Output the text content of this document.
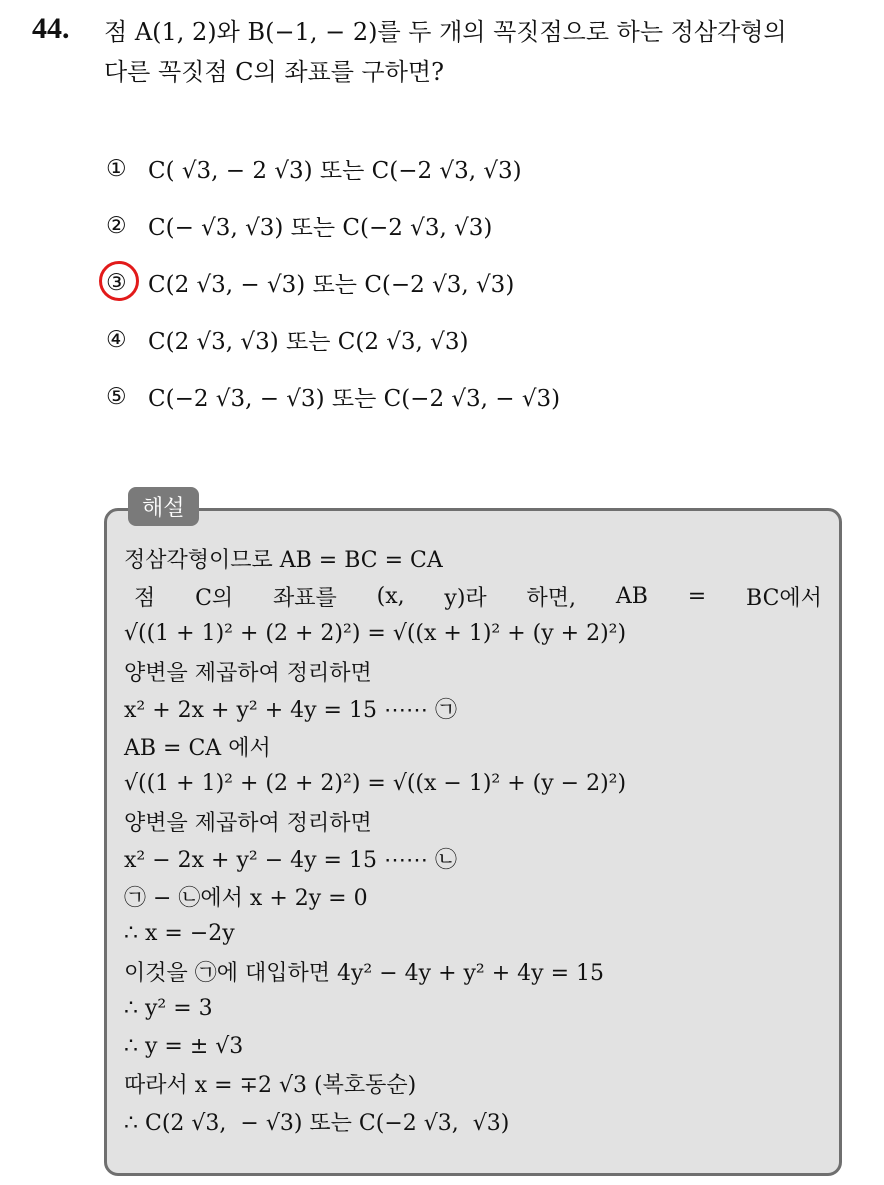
44. 점 A(1, 2)와 B(−1, − 2)를 두 개의 꼭짓점으로 하는 정삼각형의
다른 꼭짓점 C의 좌표를 구하면?
① C( √3, − 2 √3) 또는 C(−2 √3, √3)
② C(− √3, √3) 또는 C(−2 √3, √3)
③ C(2 √3, − √3) 또는 C(−2 √3, √3)
④ C(2 √3, √3) 또는 C(2 √3, √3)
⑤ C(−2 √3, − √3) 또는 C(−2 √3, − √3)
해설
정삼각형이므로 AB = BC = CA
점 C의 좌표를 (x, y)라 하면, AB = BC에서
√((1 + 1)² + (2 + 2)²) = √((x + 1)² + (y + 2)²)
양변을 제곱하여 정리하면
x² + 2x + y² + 4y = 15 ⋯⋯ ㉠
AB = CA 에서
√((1 + 1)² + (2 + 2)²) = √((x − 1)² + (y − 2)²)
양변을 제곱하여 정리하면
x² − 2x + y² − 4y = 15 ⋯⋯ ㉡
㉠ − ㉡에서 x + 2y = 0
∴ x = −2y
이것을 ㉠에 대입하면 4y² − 4y + y² + 4y = 15
∴ y² = 3
∴ y = ± √3
따라서 x = ∓2 √3 (복호동순)
∴ C(2 √3,  − √3) 또는 C(−2 √3,  √3)
